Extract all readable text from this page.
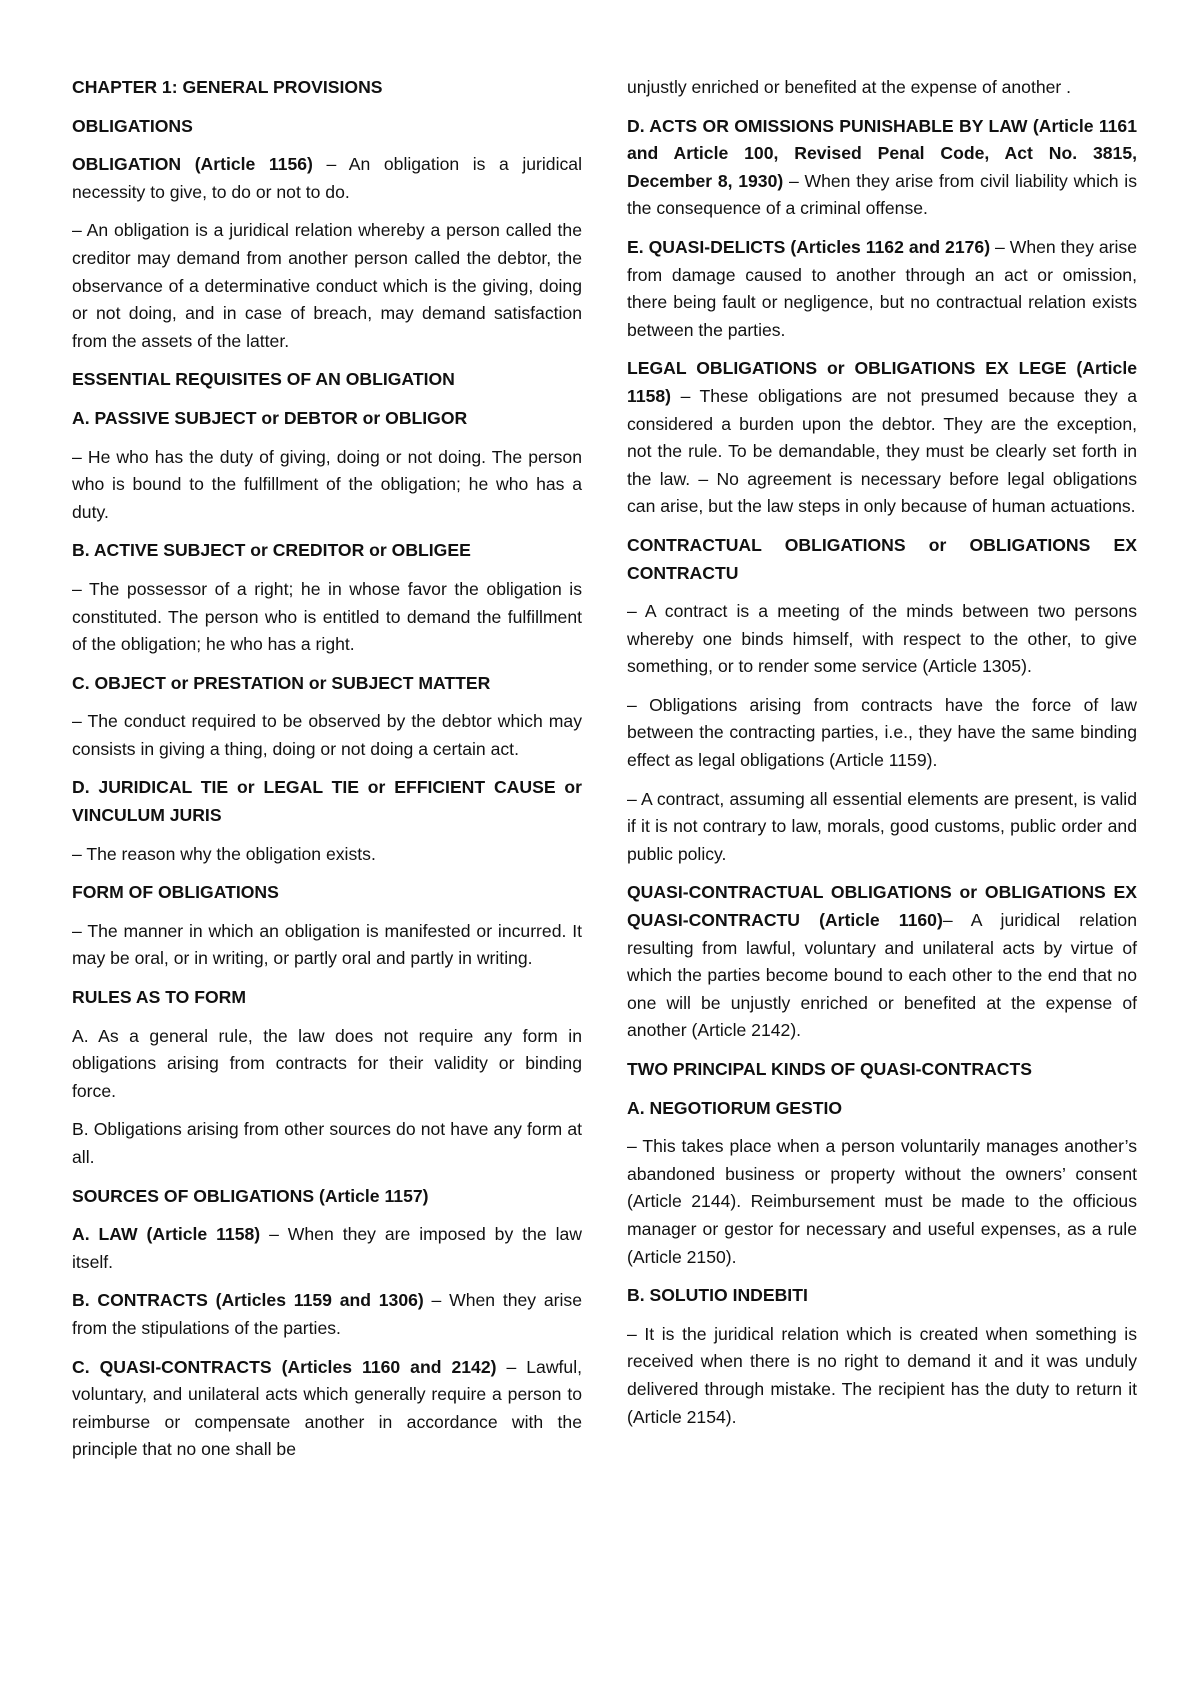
CHAPTER 1: GENERAL PROVISIONS

OBLIGATIONS

OBLIGATION (Article 1156) – An obligation is a juridical necessity to give, to do or not to do.

– An obligation is a juridical relation whereby a person called the creditor may demand from another person called the debtor, the observance of a determinative conduct which is the giving, doing or not doing, and in case of breach, may demand satisfaction from the assets of the latter.

ESSENTIAL REQUISITES OF AN OBLIGATION

A. PASSIVE SUBJECT or DEBTOR or OBLIGOR

– He who has the duty of giving, doing or not doing. The person who is bound to the fulfillment of the obligation; he who has a duty.

B. ACTIVE SUBJECT or CREDITOR or OBLIGEE

– The possessor of a right; he in whose favor the obligation is constituted. The person who is entitled to demand the fulfillment of the obligation; he who has a right.

C. OBJECT or PRESTATION or SUBJECT MATTER

– The conduct required to be observed by the debtor which may consists in giving a thing, doing or not doing a certain act.

D. JURIDICAL TIE or LEGAL TIE or EFFICIENT CAUSE or VINCULUM JURIS

– The reason why the obligation exists.

FORM OF OBLIGATIONS

– The manner in which an obligation is manifested or incurred. It may be oral, or in writing, or partly oral and partly in writing.

RULES AS TO FORM

A. As a general rule, the law does not require any form in obligations arising from contracts for their validity or binding force.

B. Obligations arising from other sources do not have any form at all.

SOURCES OF OBLIGATIONS (Article 1157)

A. LAW (Article 1158) – When they are imposed by the law itself.

B. CONTRACTS (Articles 1159 and 1306) – When they arise from the stipulations of the parties.

C. QUASI-CONTRACTS (Articles 1160 and 2142) – Lawful, voluntary, and unilateral acts which generally require a person to reimburse or compensate another in accordance with the principle that no one shall be

unjustly enriched or benefited at the expense of another .

D. ACTS OR OMISSIONS PUNISHABLE BY LAW (Article 1161 and Article 100, Revised Penal Code, Act No. 3815, December 8, 1930) – When they arise from civil liability which is the consequence of a criminal offense.

E. QUASI-DELICTS (Articles 1162 and 2176) – When they arise from damage caused to another through an act or omission, there being fault or negligence, but no contractual relation exists between the parties.

LEGAL OBLIGATIONS or OBLIGATIONS EX LEGE (Article 1158) – These obligations are not presumed because they a considered a burden upon the debtor. They are the exception, not the rule. To be demandable, they must be clearly set forth in the law. – No agreement is necessary before legal obligations can arise, but the law steps in only because of human actuations.

CONTRACTUAL OBLIGATIONS or OBLIGATIONS EX CONTRACTU

– A contract is a meeting of the minds between two persons whereby one binds himself, with respect to the other, to give something, or to render some service (Article 1305).

– Obligations arising from contracts have the force of law between the contracting parties, i.e., they have the same binding effect as legal obligations (Article 1159).

– A contract, assuming all essential elements are present, is valid if it is not contrary to law, morals, good customs, public order and public policy.

QUASI-CONTRACTUAL OBLIGATIONS or OBLIGATIONS EX QUASI-CONTRACTU (Article 1160)– A juridical relation resulting from lawful, voluntary and unilateral acts by virtue of which the parties become bound to each other to the end that no one will be unjustly enriched or benefited at the expense of another (Article 2142).

TWO PRINCIPAL KINDS OF QUASI-CONTRACTS

A. NEGOTIORUM GESTIO

– This takes place when a person voluntarily manages another’s abandoned business or property without the owners’ consent (Article 2144). Reimbursement must be made to the officious manager or gestor for necessary and useful expenses, as a rule (Article 2150).

B. SOLUTIO INDEBITI

– It is the juridical relation which is created when something is received when there is no right to demand it and it was unduly delivered through mistake. The recipient has the duty to return it (Article 2154).
